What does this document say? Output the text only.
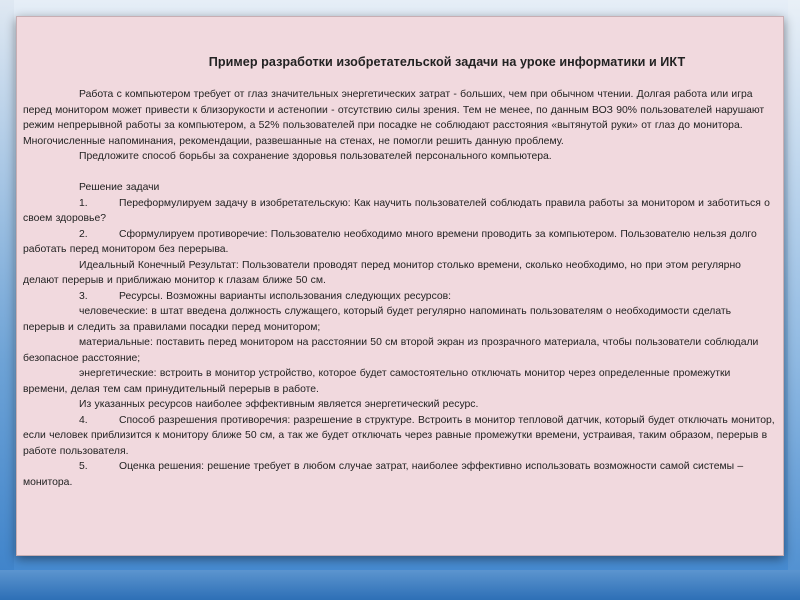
Пример разработки изобретательской задачи на уроке информатики и ИКТ

Работа с компьютером требует от глаз значительных энергетических затрат - больших, чем при обычном чтении. Долгая работа или игра перед монитором может привести к близорукости и астенопии - отсутствию силы зрения. Тем не менее, по данным ВОЗ 90% пользователей нарушают режим непрерывной работы за компьютером, а 52% пользователей при посадке не соблюдают расстояния «вытянутой руки» от глаз до монитора. Многочисленные напоминания, рекомендации, развешанные на стенах, не помогли решить данную проблему.

Предложите способ борьбы за сохранение здоровья пользователей персонального компьютера.

Решение задачи

1.	Переформулируем задачу в изобретательскую: Как научить пользователей соблюдать правила работы за монитором и заботиться о своем здоровье?

2.	Сформулируем противоречие: Пользователю необходимо много времени проводить за компьютером. Пользователю нельзя долго работать перед монитором без перерыва.

Идеальный Конечный Результат: Пользователи проводят перед монитор столько времени, сколько необходимо, но при этом регулярно делают перерыв и приближаю монитор к глазам ближе 50 см.

3.	Ресурсы. Возможны варианты использования следующих ресурсов:

человеческие: в штат введена должность служащего, который будет регулярно напоминать пользователям о необходимости сделать перерыв и следить за правилами посадки перед монитором;

материальные: поставить перед монитором на расстоянии 50 см второй экран из прозрачного материала, чтобы пользователи соблюдали безопасное расстояние;

энергетические: встроить в монитор устройство, которое будет самостоятельно отключать монитор через определенные промежутки времени, делая тем сам принудительный перерыв в работе.

Из указанных ресурсов наиболее эффективным является энергетический ресурс.

4.	Способ разрешения противоречия: разрешение в структуре. Встроить в монитор тепловой датчик, который будет отключать монитор, если человек приблизится к монитору ближе 50 см, а так же будет отключать через равные промежутки времени, устраивая, таким образом, перерыв в работе пользователя.

5.	Оценка решения: решение требует в любом случае затрат, наиболее эффективно использовать возможности самой системы – монитора.
